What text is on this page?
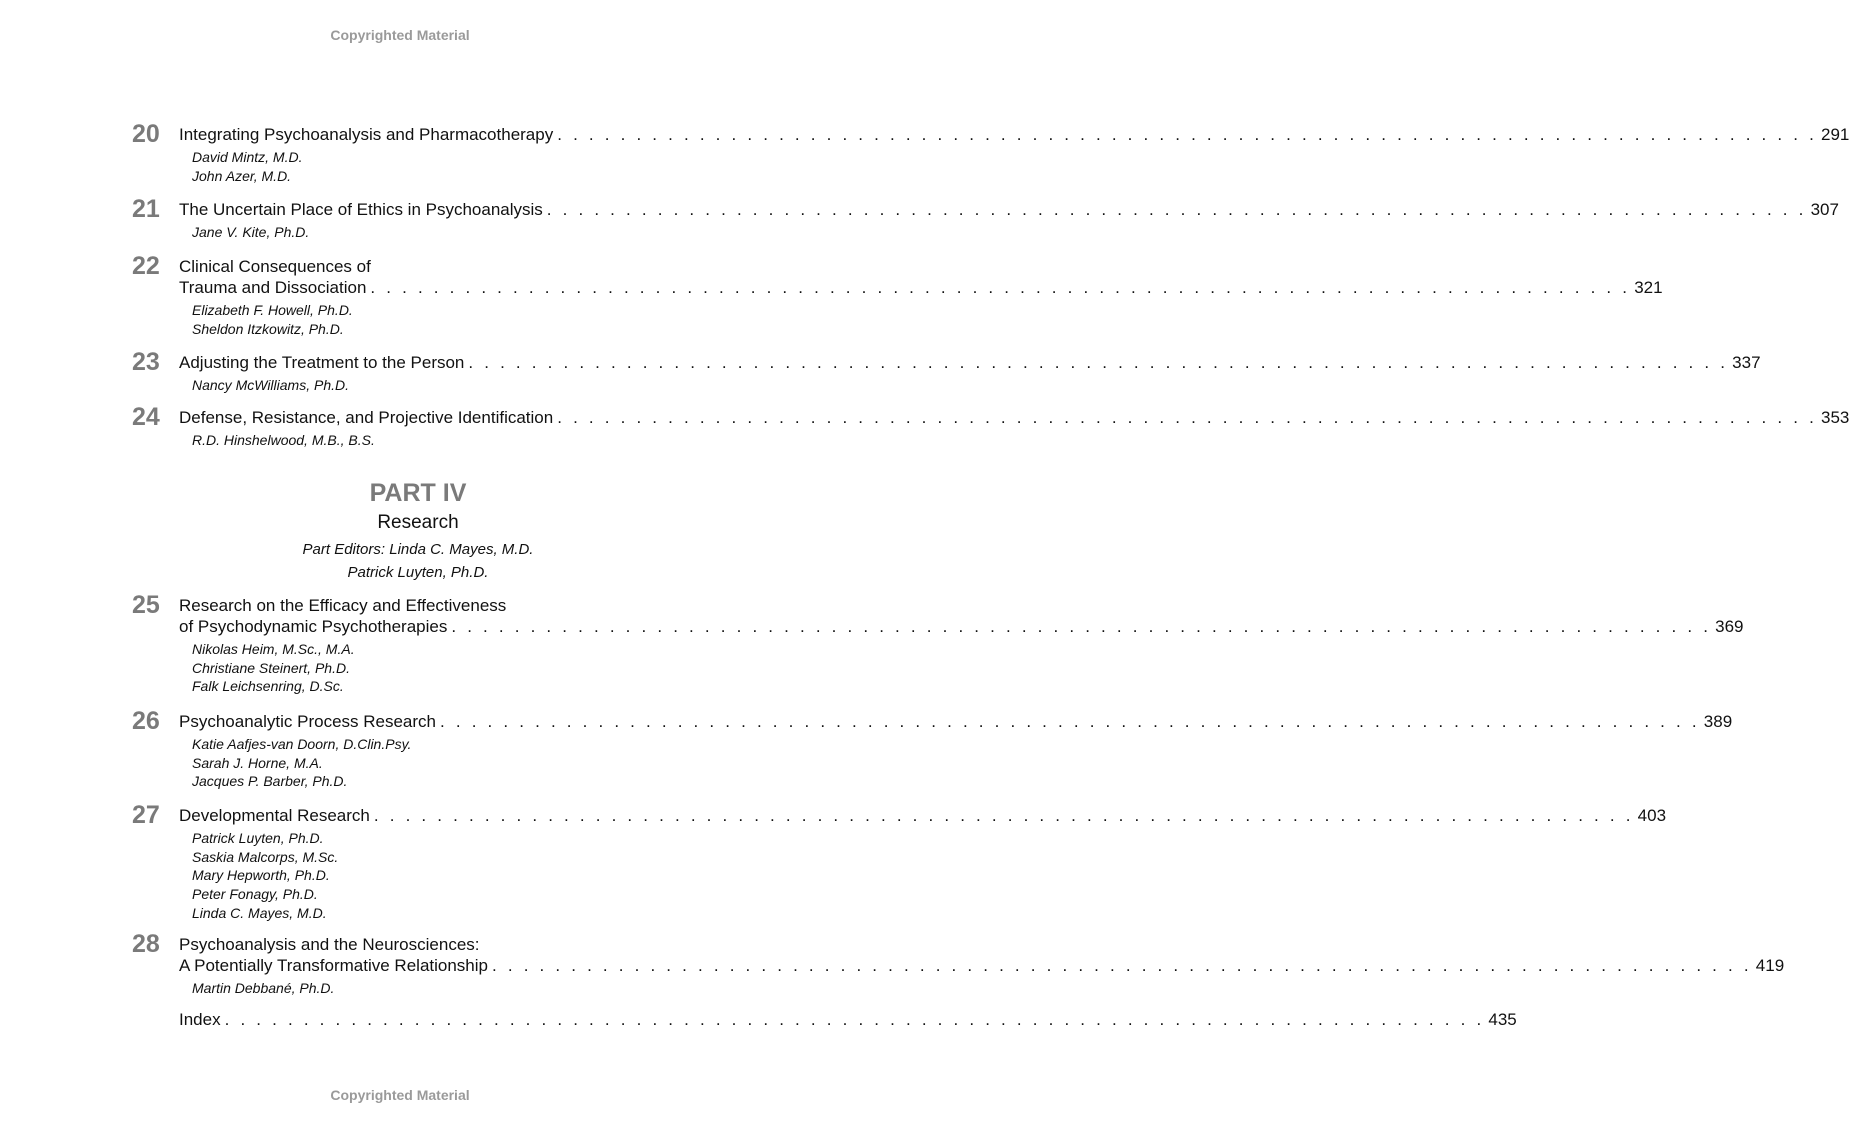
Copyrighted Material
20 Integrating Psychoanalysis and Pharmacotherapy . . . . . . . . . . . . . . . . . . . . . . . . . . . . . . . . . . . . . . . . . . . . . . . . . . . . . . . . . . . . . . . . . . . . . . . . . . . . . . . . 291
David Mintz, M.D.
John Azer, M.D.
21 The Uncertain Place of Ethics in Psychoanalysis . . . . . . . . . . . . . . . . . . . . . . . . . . . . . . . . . . . . . . . . . . . . . . . . . . . . . . . . . . . . . . . . . . . . . . . . . . . . . . . . 307
Jane V. Kite, Ph.D.
22 Clinical Consequences of
Trauma and Dissociation . . . . . . . . . . . . . . . . . . . . . . . . . . . . . . . . . . . . . . . . . . . . . . . . . . . . . . . . . . . . . . . . . . . . . . . . . . . . . . . . 321
Elizabeth F. Howell, Ph.D.
Sheldon Itzkowitz, Ph.D.
23 Adjusting the Treatment to the Person . . . . . . . . . . . . . . . . . . . . . . . . . . . . . . . . . . . . . . . . . . . . . . . . . . . . . . . . . . . . . . . . . . . . . . . . . . . . . . . . 337
Nancy McWilliams, Ph.D.
24 Defense, Resistance, and Projective Identification . . . . . . . . . . . . . . . . . . . . . . . . . . . . . . . . . . . . . . . . . . . . . . . . . . . . . . . . . . . . . . . . . . . . . . . . . . . . . . . . 353
R.D. Hinshelwood, M.B., B.S.
25 Research on the Efficacy and Effectiveness
of Psychodynamic Psychotherapies . . . . . . . . . . . . . . . . . . . . . . . . . . . . . . . . . . . . . . . . . . . . . . . . . . . . . . . . . . . . . . . . . . . . . . . . . . . . . . . . 369
Nikolas Heim, M.Sc., M.A.
Christiane Steinert, Ph.D.
Falk Leichsenring, D.Sc.
26 Psychoanalytic Process Research . . . . . . . . . . . . . . . . . . . . . . . . . . . . . . . . . . . . . . . . . . . . . . . . . . . . . . . . . . . . . . . . . . . . . . . . . . . . . . . . 389
Katie Aafjes-van Doorn, D.Clin.Psy.
Sarah J. Horne, M.A.
Jacques P. Barber, Ph.D.
27 Developmental Research . . . . . . . . . . . . . . . . . . . . . . . . . . . . . . . . . . . . . . . . . . . . . . . . . . . . . . . . . . . . . . . . . . . . . . . . . . . . . . . . 403
Patrick Luyten, Ph.D.
Saskia Malcorps, M.Sc.
Mary Hepworth, Ph.D.
Peter Fonagy, Ph.D.
Linda C. Mayes, M.D.
28 Psychoanalysis and the Neurosciences:
A Potentially Transformative Relationship . . . . . . . . . . . . . . . . . . . . . . . . . . . . . . . . . . . . . . . . . . . . . . . . . . . . . . . . . . . . . . . . . . . . . . . . . . . . . . . . 419
Martin Debbané, Ph.D.
Index . . . . . . . . . . . . . . . . . . . . . . . . . . . . . . . . . . . . . . . . . . . . . . . . . . . . . . . . . . . . . . . . . . . . . . . . . . . . . . . . 435
PART IV
Research
Part Editors: Linda C. Mayes, M.D.
Patrick Luyten, Ph.D.
Copyrighted Material
